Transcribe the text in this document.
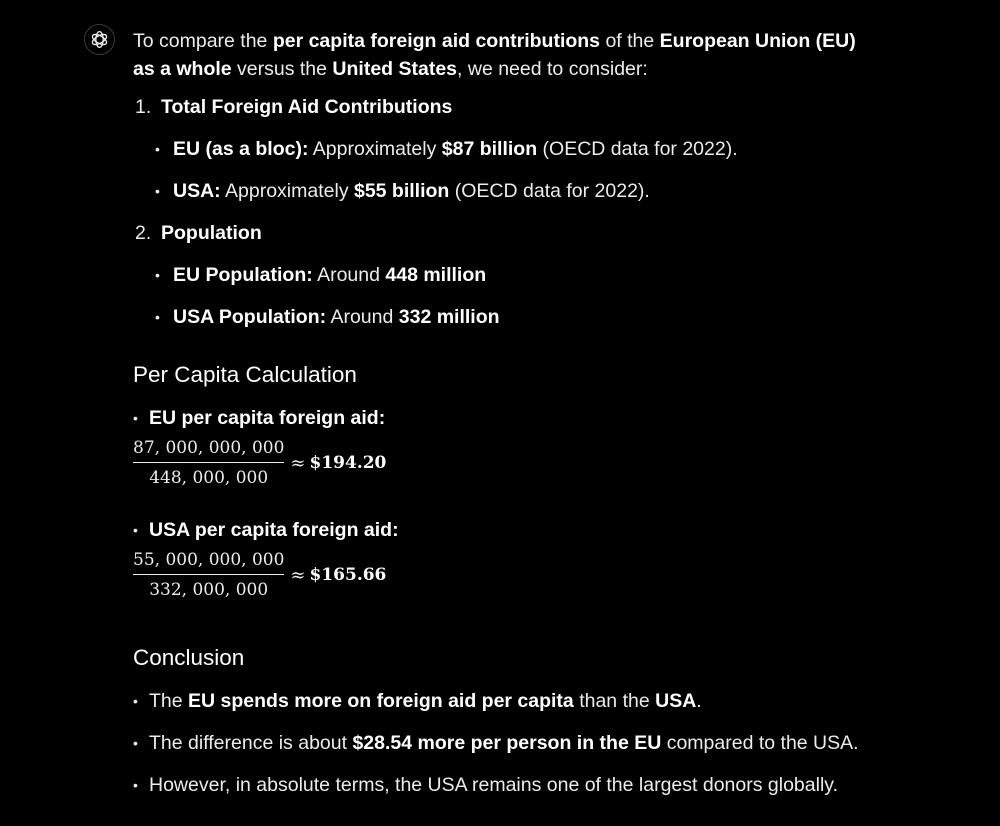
To compare the per capita foreign aid contributions of the European Union (EU)
as a whole versus the United States, we need to consider:
1. Total Foreign Aid Contributions
• EU (as a bloc): Approximately $87 billion (OECD data for 2022).
• USA: Approximately $55 billion (OECD data for 2022).
2. Population
• EU Population: Around 448 million
• USA Population: Around 332 million
Per Capita Calculation
• EU per capita foreign aid:
$\frac{87, 000, 000, 000}{448, 000, 000}$ ≈ $194.20
• USA per capita foreign aid:
$\frac{55, 000, 000, 000}{332, 000, 000}$ ≈ $165.66
Conclusion
• The EU spends more on foreign aid per capita than the USA.
• The difference is about $28.54 more per person in the EU compared to the USA.
• However, in absolute terms, the USA remains one of the largest donors globally.
